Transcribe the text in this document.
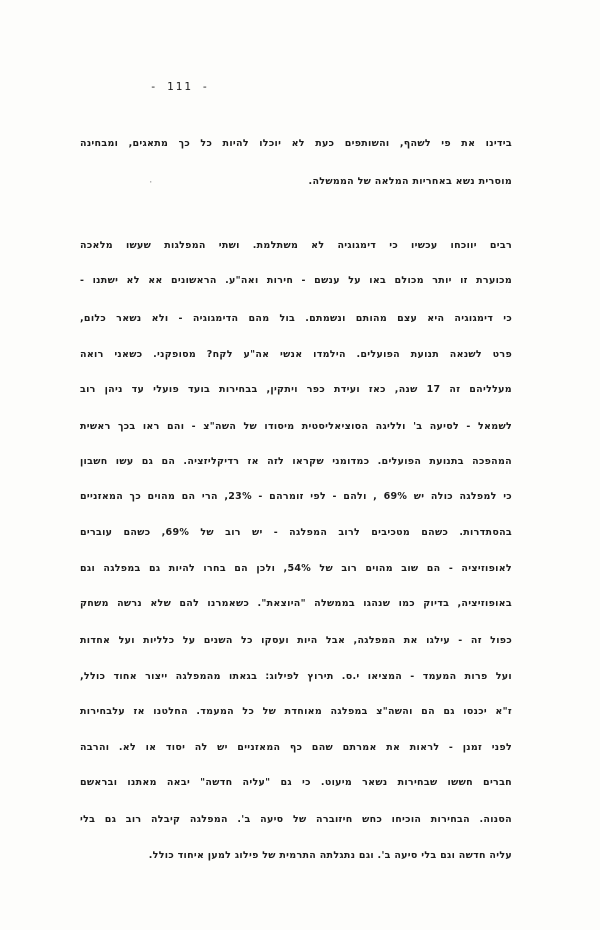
- 111 -
בידינו את פי לשהף, והשותפים כעת לא יוכלו להיות כל כך מתאגים, ומבחינה
מוסרית נשא באחריות המלאה של הממשלה.
·
רבים יווכחו עכשיו כי דימגוגיה לא משתלמת. ושתי המפלגות שעשו מלאכה
מכוערת זו יותר מכולם באו על ענשם - חירות ואה"ע. הראשונים אא לא ישתנו -
כי דימגוגיה היא עצם מהותם ונשמתם. בול מהם הדימגוגיה - ולא נשאר כלום,
פרט לשנאה תנועת הפועלים. הילמדו אנשי אה"ע לקח? מסופקני. כשאני רואה
מעלליהם זה 17 שנה, כאז ועידת כפר ויתקין, בבחירות בועד פועלי עד ניהן רוב
לשמאל - לסיעה ב' ולליגה הסוציאליסטית מיסודו של השה"צ - והם ראו בכך ראשית
המהפכה בתנועת הפועלים. כמדומני שקראו לזה אז רדיקליזציה. הם גם עשו חשבון
כי למפלגה כולה יש 69% , ולהם - לפי זומרהם - 23%, הרי הם מהוים כך המאזניים
בהסתדרות. כשהם מטכיבים לרוב המפלגה - יש רוב של 69%, כשהם עוברים
לאופוזיציה - הם שוב מהוים רוב של 54%, ולכן הם בחרו להיות גם במפלגה וגם
באופוזיציה, בדיוק כמו שנהגו בממשלה "היוצאת". כשאמרנו להם שלא נרשה משחק
כפול זה - עילגו את המפלגה, אבל היות ועסקו כל השנים על כלליות ועל אחדות
ועל פרות המעמד - המציאו י.ס. תירוץ לפילוג: בגאתו מהמפלגה ייצור אחוד כולל,
ז"א יכנסו גם הם והשה"צ במפלגה מאוחדת של כל המעמד. החלטנו אז עלבחירות
לפני זמנן - לראות את אמרתם שהם כף המאזניים יש לה יסוד או לא. והרבה
חברים חששו שבחירות נשאר מיעוט. כי גם "עליה חדשה" יבאה מאתנו ובראשם
הסנוה. הבחירות הוכיחו כחש חיזוברה של סיעה ב'. המפלגה קיבלה רוב גם בלי
עליה חדשה וגם בלי סיעה ב'. וגם נתגלתה התרמית של פילוג למען איחוד כולל.
